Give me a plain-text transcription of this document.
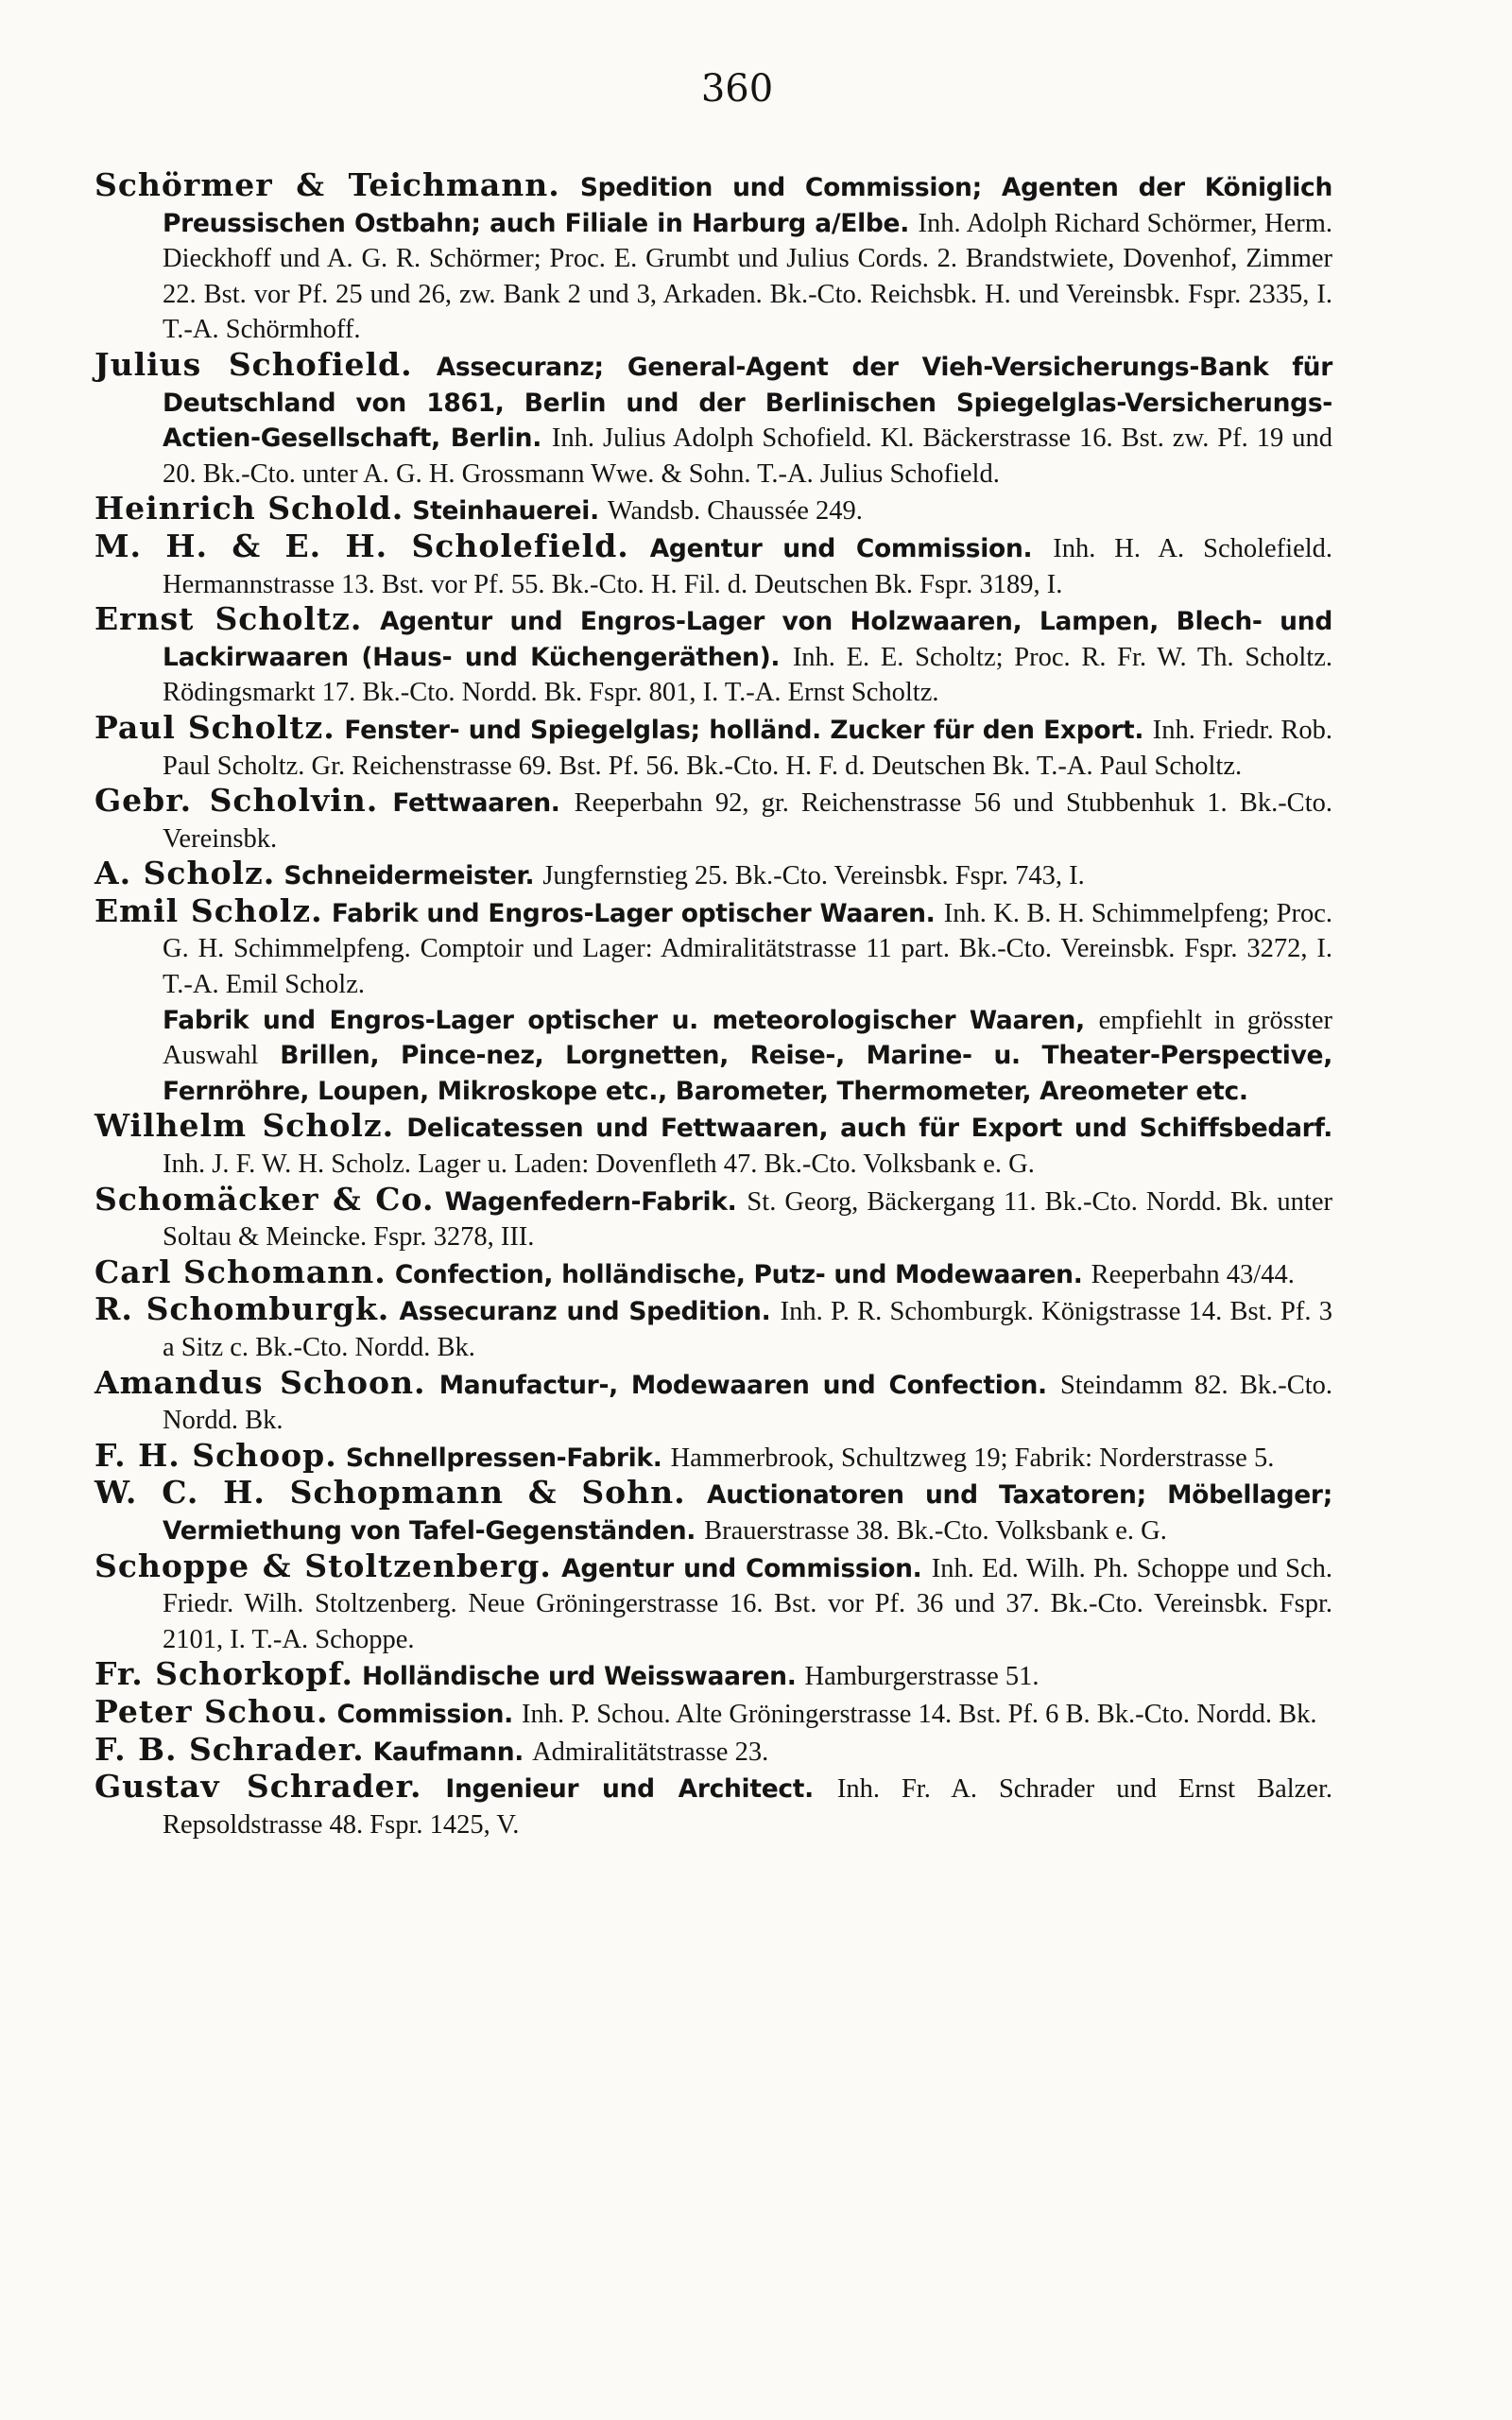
360

Schörmer & Teichmann. Spedition und Commission; Agenten der Königlich Preussischen Ostbahn; auch Filiale in Harburg a/Elbe. Inh. Adolph Richard Schörmer, Herm. Dieckhoff und A. G. R. Schörmer; Proc. E. Grumbt und Julius Cords. 2. Brandstwiete, Dovenhof, Zimmer 22. Bst. vor Pf. 25 und 26, zw. Bank 2 und 3, Arkaden. Bk.-Cto. Reichsbk. H. und Vereinsbk. Fspr. 2335, I. T.-A. Schörmhoff.

Julius Schofield. Assecuranz; General-Agent der Vieh-Versicherungs-Bank für Deutschland von 1861, Berlin und der Berlinischen Spiegelglas-Versicherungs-Actien-Gesellschaft, Berlin. Inh. Julius Adolph Schofield. Kl. Bäckerstrasse 16. Bst. zw. Pf. 19 und 20. Bk.-Cto. unter A. G. H. Grossmann Wwe. & Sohn. T.-A. Julius Schofield.

Heinrich Schold. Steinhauerei. Wandsb. Chaussée 249.

M. H. & E. H. Scholefield. Agentur und Commission. Inh. H. A. Scholefield. Hermannstrasse 13. Bst. vor Pf. 55. Bk.-Cto. H. Fil. d. Deutschen Bk. Fspr. 3189, I.

Ernst Scholtz. Agentur und Engros-Lager von Holzwaaren, Lampen, Blech- und Lackirwaaren (Haus- und Küchengeräthen). Inh. E. E. Scholtz; Proc. R. Fr. W. Th. Scholtz. Rödingsmarkt 17. Bk.-Cto. Nordd. Bk. Fspr. 801, I. T.-A. Ernst Scholtz.

Paul Scholtz. Fenster- und Spiegelglas; holländ. Zucker für den Export. Inh. Friedr. Rob. Paul Scholtz. Gr. Reichenstrasse 69. Bst. Pf. 56. Bk.-Cto. H. F. d. Deutschen Bk. T.-A. Paul Scholtz.

Gebr. Scholvin. Fettwaaren. Reeperbahn 92, gr. Reichenstrasse 56 und Stubbenhuk 1. Bk.-Cto. Vereinsbk.

A. Scholz. Schneidermeister. Jungfernstieg 25. Bk.-Cto. Vereinsbk. Fspr. 743, I.

Emil Scholz. Fabrik und Engros-Lager optischer Waaren. Inh. K. B. H. Schimmelpfeng; Proc. G. H. Schimmelpfeng. Comptoir und Lager: Admiralitätstrasse 11 part. Bk.-Cto. Vereinsbk. Fspr. 3272, I. T.-A. Emil Scholz.

Fabrik und Engros-Lager optischer u. meteorologischer Waaren, empfiehlt in grösster Auswahl Brillen, Pince-nez, Lorgnetten, Reise-, Marine- u. Theater-Perspective, Fernröhre, Loupen, Mikroskope etc., Barometer, Thermometer, Areometer etc.

Wilhelm Scholz. Delicatessen und Fettwaaren, auch für Export und Schiffsbedarf. Inh. J. F. W. H. Scholz. Lager u. Laden: Dovenfleth 47. Bk.-Cto. Volksbank e. G.

Schomäcker & Co. Wagenfedern-Fabrik. St. Georg, Bäckergang 11. Bk.-Cto. Nordd. Bk. unter Soltau & Meincke. Fspr. 3278, III.

Carl Schomann. Confection, holländische, Putz- und Modewaaren. Reeperbahn 43/44.

R. Schomburgk. Assecuranz und Spedition. Inh. P. R. Schomburgk. Königstrasse 14. Bst. Pf. 3 a Sitz c. Bk.-Cto. Nordd. Bk.

Amandus Schoon. Manufactur-, Modewaaren und Confection. Steindamm 82. Bk.-Cto. Nordd. Bk.

F. H. Schoop. Schnellpressen-Fabrik. Hammerbrook, Schultzweg 19; Fabrik: Norderstrasse 5.

W. C. H. Schopmann & Sohn. Auctionatoren und Taxatoren; Möbellager; Vermiethung von Tafel-Gegenständen. Brauerstrasse 38. Bk.-Cto. Volksbank e. G.

Schoppe & Stoltzenberg. Agentur und Commission. Inh. Ed. Wilh. Ph. Schoppe und Sch. Friedr. Wilh. Stoltzenberg. Neue Gröningerstrasse 16. Bst. vor Pf. 36 und 37. Bk.-Cto. Vereinsbk. Fspr. 2101, I. T.-A. Schoppe.

Fr. Schorkopf. Holländische urd Weisswaaren. Hamburgerstrasse 51.

Peter Schou. Commission. Inh. P. Schou. Alte Gröningerstrasse 14. Bst. Pf. 6 B. Bk.-Cto. Nordd. Bk.

F. B. Schrader. Kaufmann. Admiralitätstrasse 23.

Gustav Schrader. Ingenieur und Architect. Inh. Fr. A. Schrader und Ernst Balzer. Repsoldstrasse 48. Fspr. 1425, V.
